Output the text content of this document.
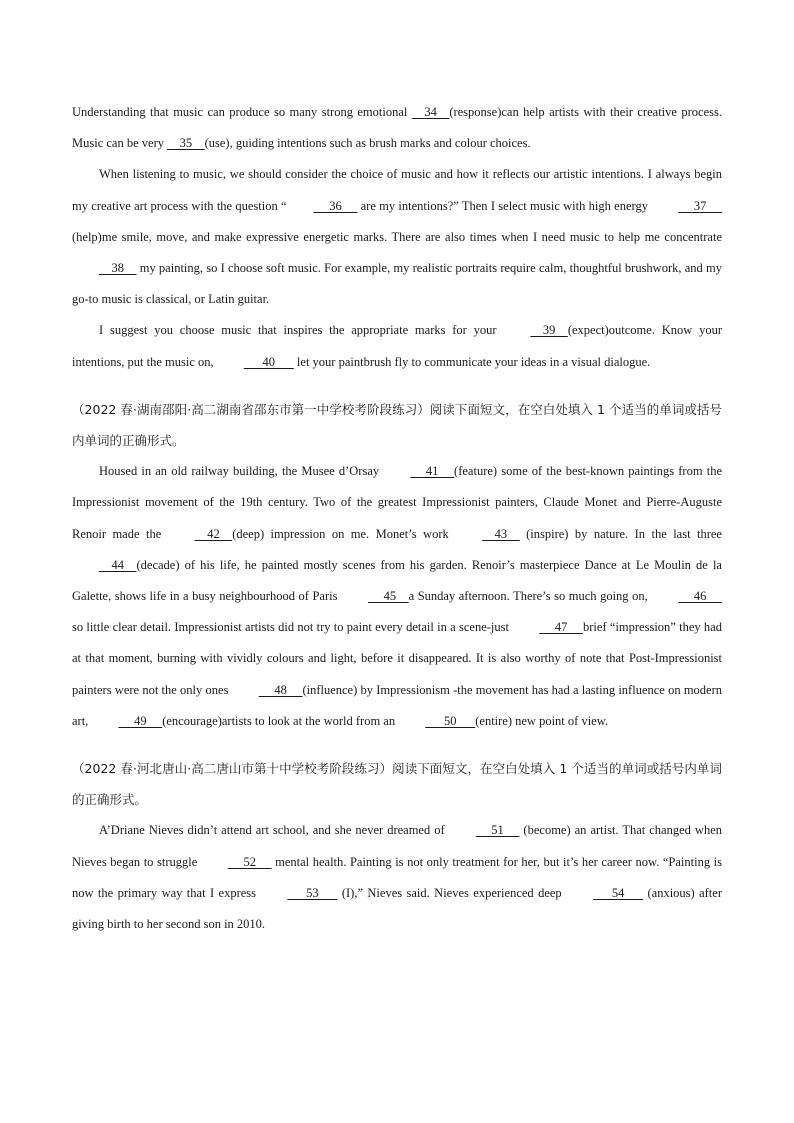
Understanding that music can produce so many strong emotional     34    (response)can help artists with their creative process. Music can be very     35    (use), guiding intentions such as brush marks and colour choices.

When listening to music, we should consider the choice of music and how it reflects our artistic intentions. I always begin my creative art process with the question “     36      are my intentions?” Then I select music with high energy      37     (help)me smile, move, and make expressive energetic marks. There are also times when I need music to help me concentrate     38     my painting, so I choose soft music. For example, my realistic portraits require calm, thoughtful brushwork, and my go-to music is classical, or Latin guitar.

I suggest you choose music that inspires the appropriate marks for your     39    (expect)outcome. Know your intentions, put the music on,       40       let your paintbrush fly to communicate your ideas in a visual dialogue.

（2022 春·湖南邵阳·高二湖南省邵东市第一中学校考阶段练习）阅读下面短文，在空白处填入 1 个适当的单词或括号内单词的正确形式。

Housed in an old railway building, the Musee d’Orsay      41     (feature) some of the best-known paintings from the Impressionist movement of the 19th century. Two of the greatest Impressionist painters, Claude Monet and Pierre-Auguste Renoir made the     42    (deep) impression on me. Monet’s work     43     (inspire) by nature. In the last three     44    (decade) of his life, he painted mostly scenes from his garden. Renoir’s masterpiece Dance at Le Moulin de la Galette, shows life in a busy neighbourhood of Paris      45    a Sunday afternoon. There’s so much going on,      46      so little clear detail. Impressionist artists did not try to paint every detail in a scene-just      47     brief “impression” they had at that moment, burning with vividly colours and light, before it disappeared. It is also worthy of note that Post-Impressionist painters were not the only ones      48     (influence) by Impressionism -the movement has had a lasting influence on modern art,      49     (encourage)artists to look at the world from an       50      (entire) new point of view.

（2022 春·河北唐山·高二唐山市第十中学校考阶段练习）阅读下面短文，在空白处填入 1 个适当的单词或括号内单词的正确形式。

A’Driane Nieves didn’t attend art school, and she never dreamed of      51      (become) an artist. That changed when Nieves began to struggle      52      mental health. Painting is not only treatment for her, but it’s her career now. “Painting is now the primary way that I express       53       (I),” Nieves said. Nieves experienced deep       54       (anxious) after giving birth to her second son in 2010.
